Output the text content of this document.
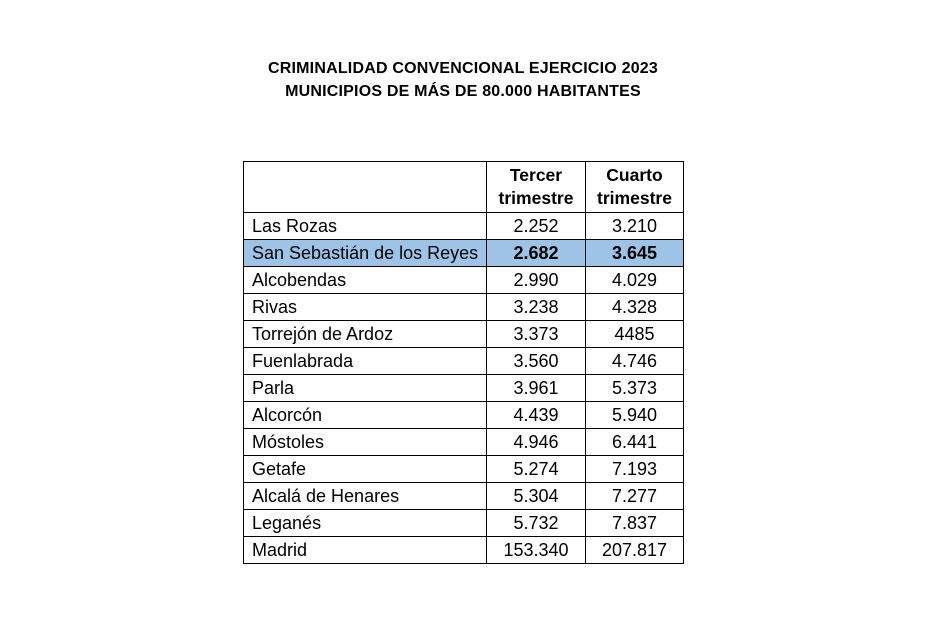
CRIMINALIDAD CONVENCIONAL EJERCICIO 2023
MUNICIPIOS DE MÁS DE 80.000 HABITANTES
	Tercer trimestre	Cuarto trimestre
Las Rozas	2.252	3.210
San Sebastián de los Reyes	2.682	3.645
Alcobendas	2.990	4.029
Rivas	3.238	4.328
Torrejón de Ardoz	3.373	4485
Fuenlabrada	3.560	4.746
Parla	3.961	5.373
Alcorcón	4.439	5.940
Móstoles	4.946	6.441
Getafe	5.274	7.193
Alcalá de Henares	5.304	7.277
Leganés	5.732	7.837
Madrid	153.340	207.817
